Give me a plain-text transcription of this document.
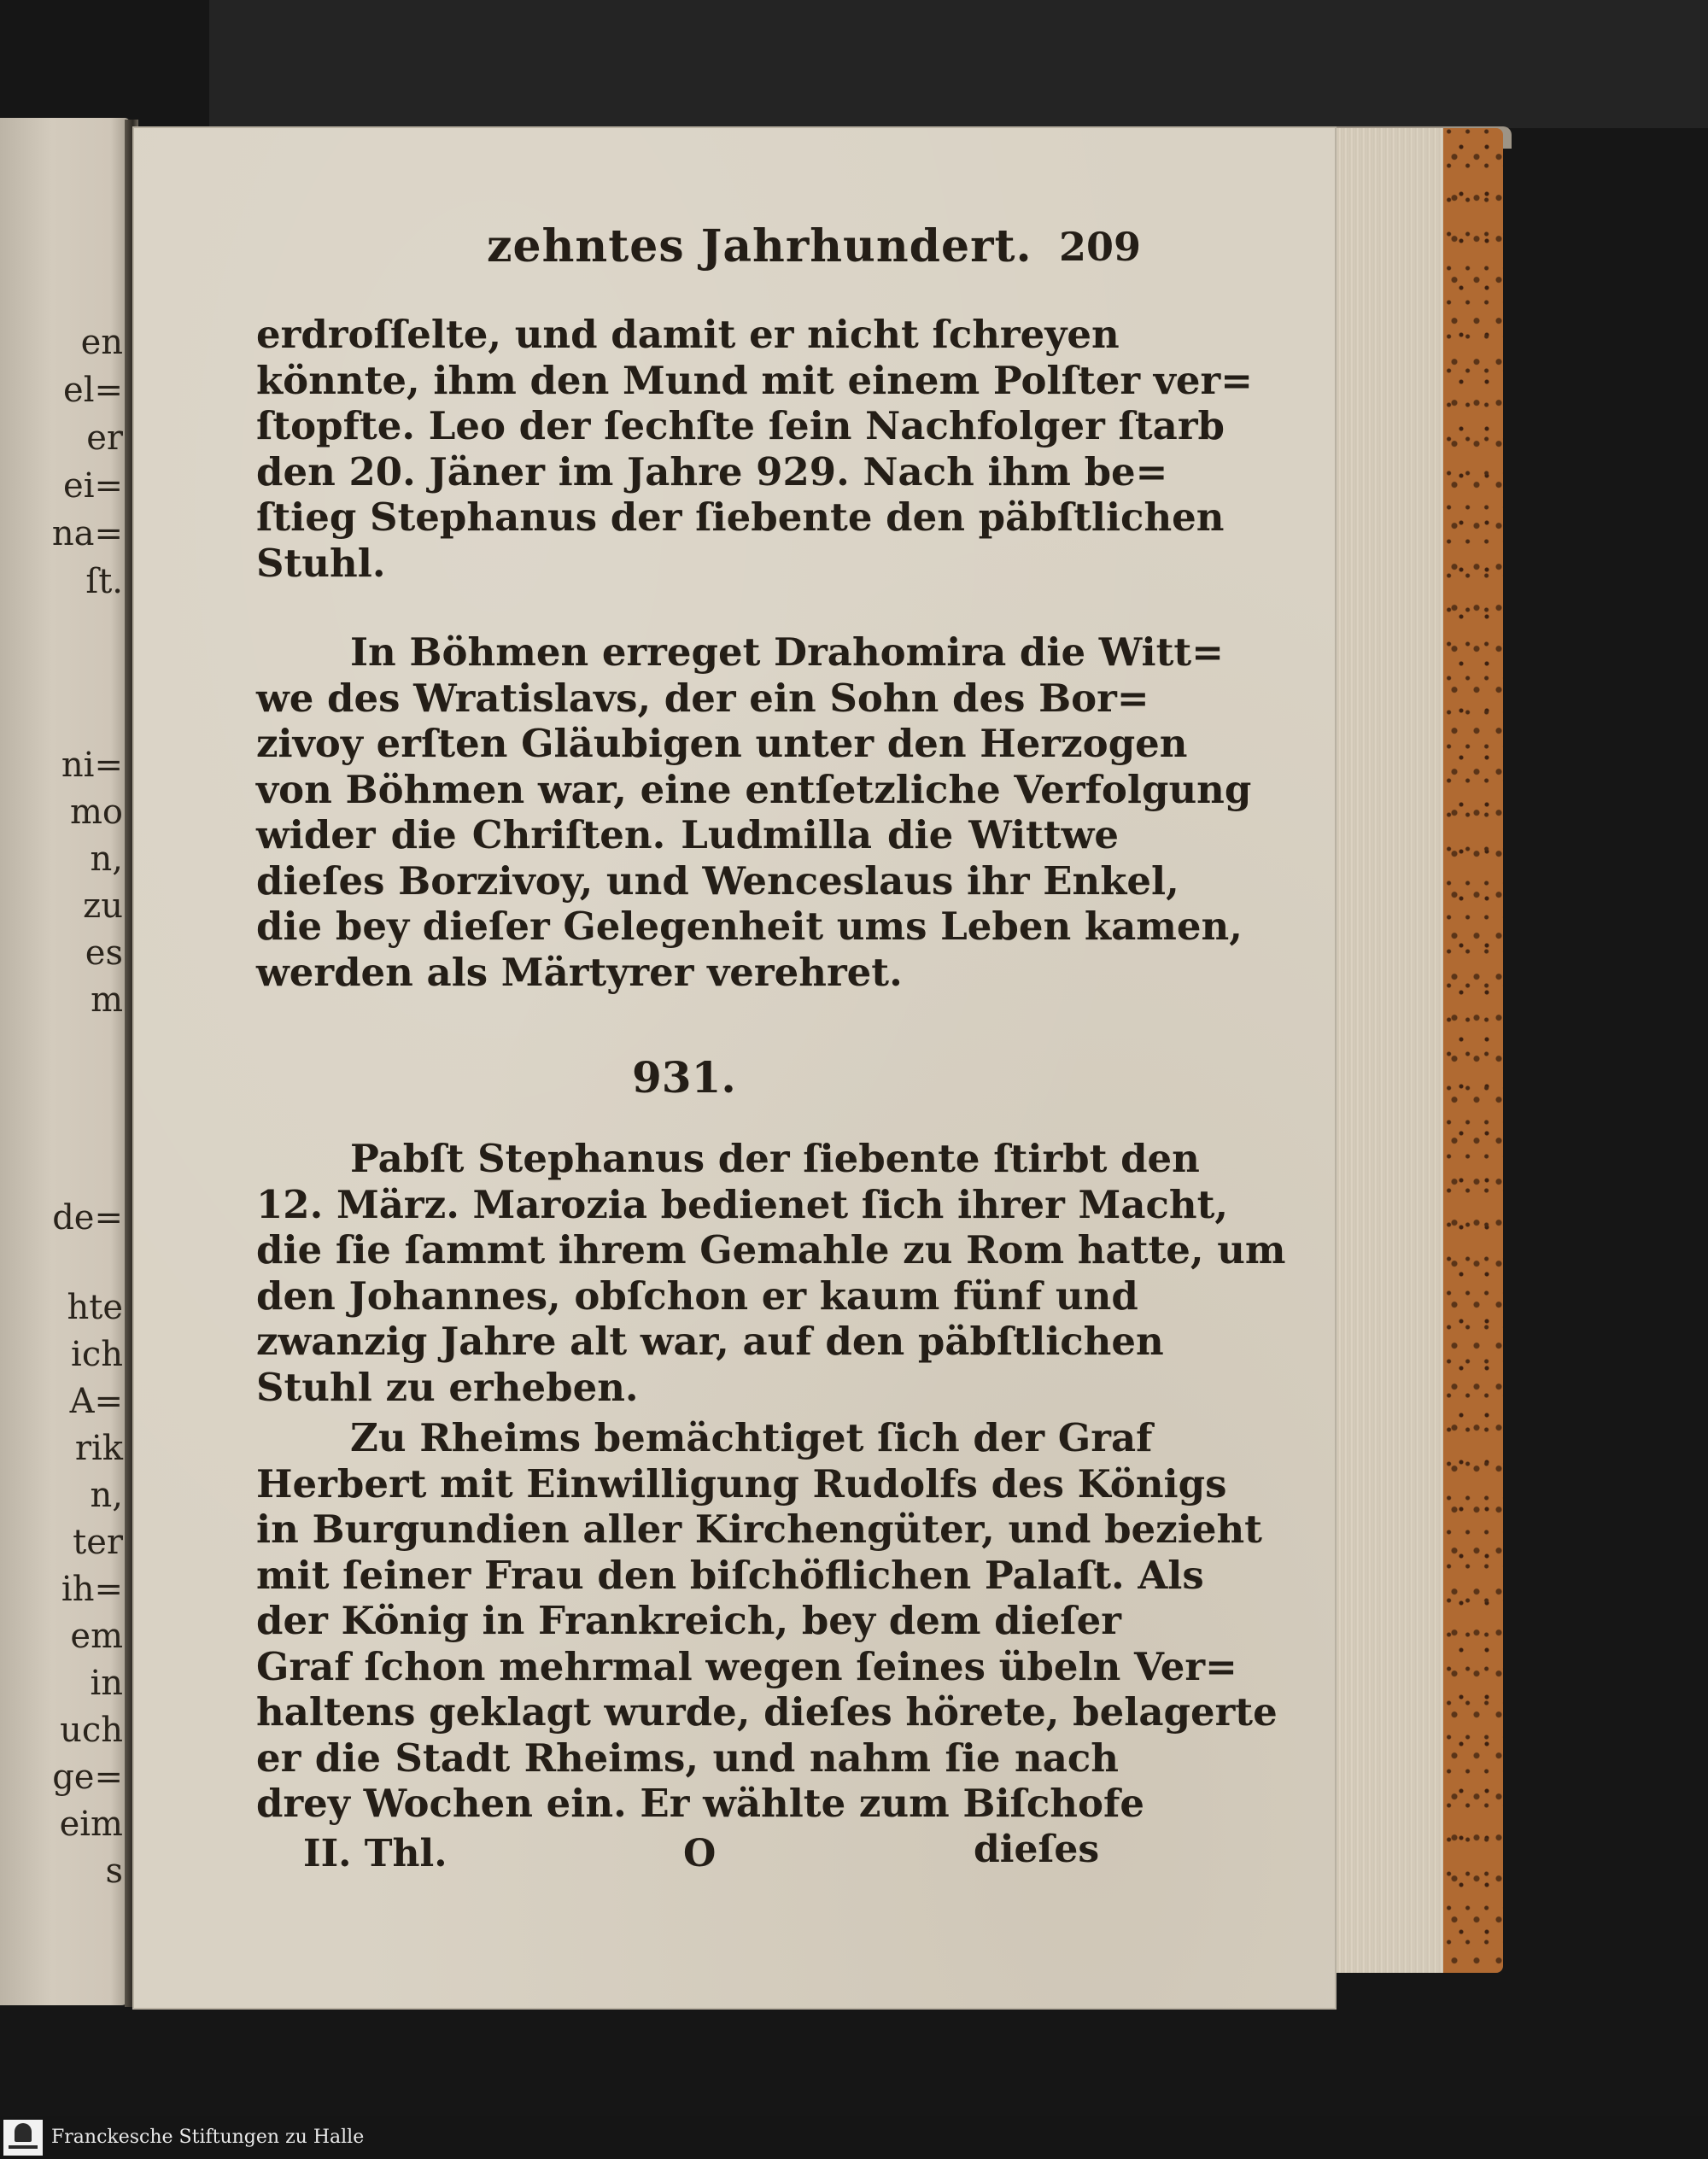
en
el=
er
ei=
na=
ſt.
ni=
mo
n,
zu
es
m
de=
hte
ich
A=
rik
n,
ter
ih=
em
in
uch
ge=
eim
s
zehntes Jahrhundert. 209
erdroſſelte, und damit er nicht ſchreyen
könnte, ihm den Mund mit einem Polſter ver=
ſtopfte. Leo der ſechſte ſein Nachfolger ſtarb
den 20. Jäner im Jahre 929. Nach ihm be=
ſtieg Stephanus der ſiebente den päbſtlichen
Stuhl.
In Böhmen erreget Drahomira die Witt=
we des Wratislavs, der ein Sohn des Bor=
zivoy erſten Gläubigen unter den Herzogen
von Böhmen war, eine entſetzliche Verfolgung
wider die Chriſten. Ludmilla die Wittwe
dieſes Borzivoy, und Wenceslaus ihr Enkel,
die bey dieſer Gelegenheit ums Leben kamen,
werden als Märtyrer verehret.
931.
Pabſt Stephanus der ſiebente ſtirbt den
12. März. Marozia bedienet ſich ihrer Macht,
die ſie ſammt ihrem Gemahle zu Rom hatte, um
den Johannes, obſchon er kaum fünf und
zwanzig Jahre alt war, auf den päbſtlichen
Stuhl zu erheben.
Zu Rheims bemächtiget ſich der Graf
Herbert mit Einwilligung Rudolfs des Königs
in Burgundien aller Kirchengüter, und bezieht
mit ſeiner Frau den biſchöflichen Palaſt. Als
der König in Frankreich, bey dem dieſer
Graf ſchon mehrmal wegen ſeines übeln Ver=
haltens geklagt wurde, dieſes hörete, belagerte
er die Stadt Rheims, und nahm ſie nach
drey Wochen ein. Er wählte zum Biſchofe
II. Thl.	O	dieſes
Franckesche Stiftungen zu Halle
